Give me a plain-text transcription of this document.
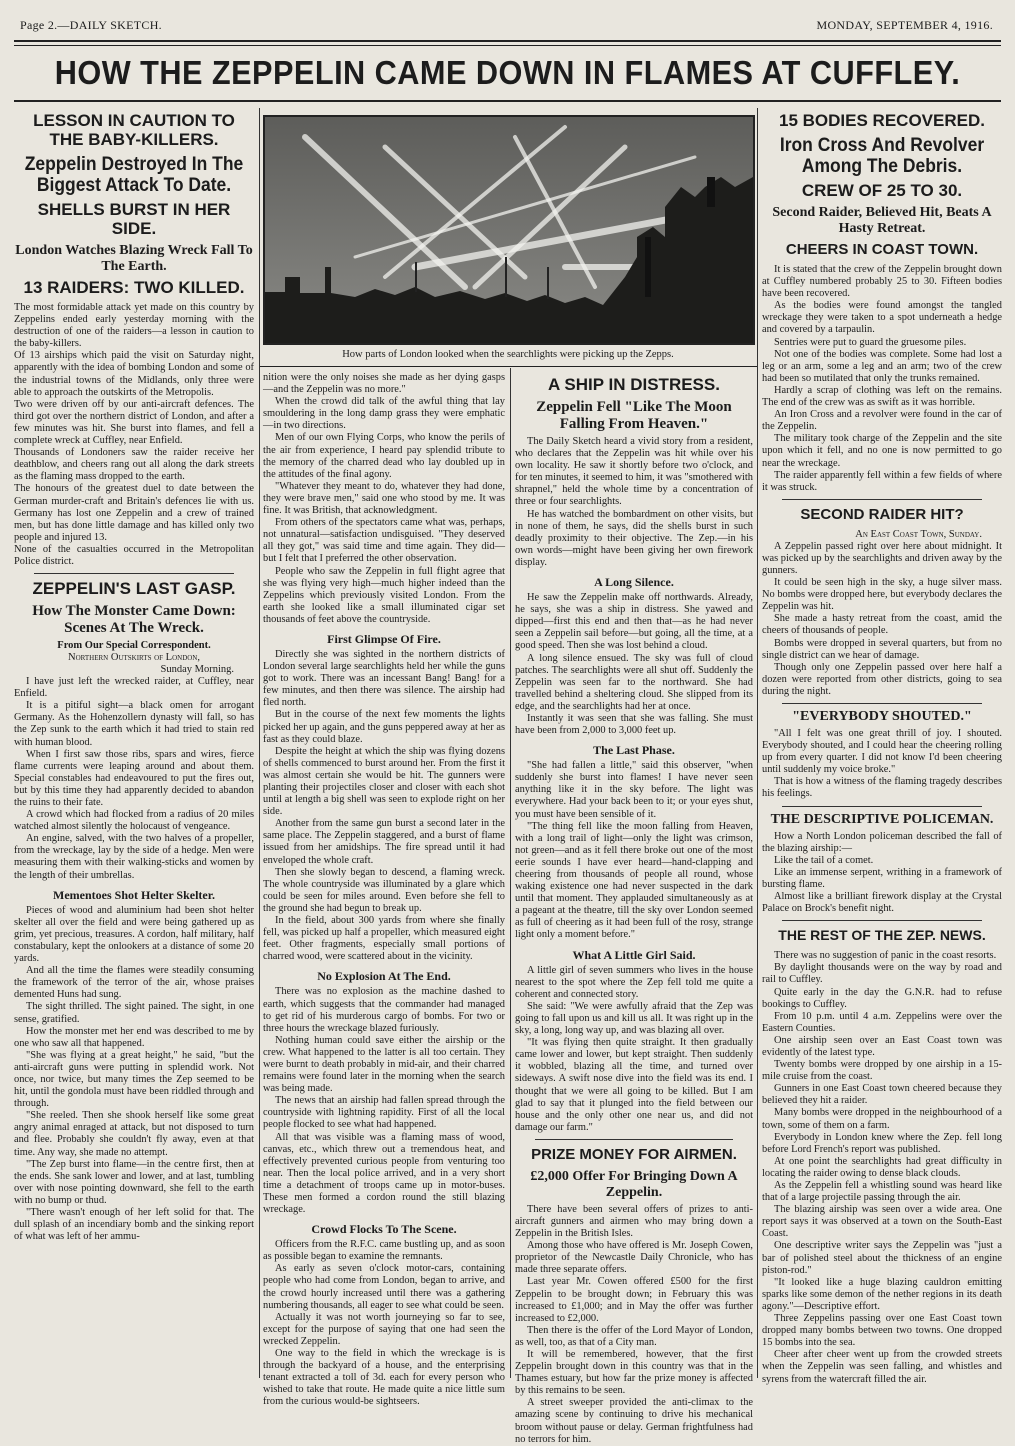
Page 2.—DAILY SKETCH.	MONDAY, SEPTEMBER 4, 1916.
HOW THE ZEPPELIN CAME DOWN IN FLAMES AT CUFFLEY.
LESSON IN CAUTION TO THE BABY-KILLERS.
Zeppelin Destroyed In The Biggest Attack To Date.
SHELLS BURST IN HER SIDE.
London Watches Blazing Wreck Fall To The Earth.
13 RAIDERS: TWO KILLED.

The most formidable attack yet made on this country by Zeppelins ended early yesterday morning with the destruction of one of the raiders—a lesson in caution to the baby-killers.

Of 13 airships which paid the visit on Saturday night, apparently with the idea of bombing London and some of the industrial towns of the Midlands, only three were able to approach the outskirts of the Metropolis.

Two were driven off by our anti-aircraft defences. The third got over the northern district of London, and after a few minutes was hit. She burst into flames, and fell a complete wreck at Cuffley, near Enfield.

Thousands of Londoners saw the raider receive her deathblow, and cheers rang out all along the dark streets as the flaming mass dropped to the earth.

The honours of the greatest duel to date between the German murder-craft and Britain's defences lie with us. Germany has lost one Zeppelin and a crew of trained men, but has done little damage and has killed only two people and injured 13.

None of the casualties occurred in the Metropolitan Police district.

ZEPPELIN'S LAST GASP.
How The Monster Came Down: Scenes At The Wreck.
From Our Special Correspondent.
Northern Outskirts of London,
Sunday Morning.

I have just left the wrecked raider, at Cuffley, near Enfield.

It is a pitiful sight—a black omen for arrogant Germany. As the Hohenzollern dynasty will fall, so has the Zep sunk to the earth which it had tried to stain red with human blood.

When I first saw those ribs, spars and wires, fierce flame currents were leaping around and about them. Special constables had endeavoured to put the fires out, but by this time they had apparently decided to abandon the ruins to their fate.

A crowd which had flocked from a radius of 20 miles watched almost silently the holocaust of vengeance.

An engine, salved, with the two halves of a propeller, from the wreckage, lay by the side of a hedge. Men were measuring them with their walking-sticks and women by the length of their umbrellas.

Mementoes Shot Helter Skelter.

Pieces of wood and aluminium had been shot helter skelter all over the field and were being gathered up as grim, yet precious, treasures. A cordon, half military, half constabulary, kept the onlookers at a distance of some 20 yards.

And all the time the flames were steadily consuming the framework of the terror of the air, whose praises demented Huns had sung.

The sight thrilled. The sight pained. The sight, in one sense, gratified.

How the monster met her end was described to me by one who saw all that happened.

"She was flying at a great height," he said, "but the anti-aircraft guns were putting in splendid work. Not once, nor twice, but many times the Zep seemed to be hit, until the gondola must have been riddled through and through.

"She reeled. Then she shook herself like some great angry animal enraged at attack, but not disposed to turn and flee. Probably she couldn't fly away, even at that time. Any way, she made no attempt.

"The Zep burst into flame—in the centre first, then at the ends. She sank lower and lower, and at last, tumbling over with nose pointing downward, she fell to the earth with no bump or thud.

"There wasn't enough of her left solid for that. The dull splash of an incendiary bomb and the sinking report of what was left of her ammu-

How parts of London looked when the searchlights were picking up the Zepps.

nition were the only noises she made as her dying gasps—and the Zeppelin was no more."

When the crowd did talk of the awful thing that lay smouldering in the long damp grass they were emphatic—in two directions.

Men of our own Flying Corps, who know the perils of the air from experience, I heard pay splendid tribute to the memory of the charred dead who lay doubled up in the attitudes of the final agony.

"Whatever they meant to do, whatever they had done, they were brave men," said one who stood by me. It was fine. It was British, that acknowledgment.

From others of the spectators came what was, perhaps, not unnatural—satisfaction undisguised. "They deserved all they got," was said time and time again. They did—but I felt that I preferred the other observation.

People who saw the Zeppelin in full flight agree that she was flying very high—much higher indeed than the Zeppelins which previously visited London. From the earth she looked like a small illuminated cigar set thousands of feet above the countryside.

First Glimpse Of Fire.

Directly she was sighted in the northern districts of London several large searchlights held her while the guns got to work. There was an incessant Bang! Bang! for a few minutes, and then there was silence. The airship had fled north.

But in the course of the next few moments the lights picked her up again, and the guns peppered away at her as fast as they could blaze.

Despite the height at which the ship was flying dozens of shells commenced to burst around her. From the first it was almost certain she would be hit. The gunners were planting their projectiles closer and closer with each shot until at length a big shell was seen to explode right on her side.

Another from the same gun burst a second later in the same place. The Zeppelin staggered, and a burst of flame issued from her amidships. The fire spread until it had enveloped the whole craft.

Then she slowly began to descend, a flaming wreck. The whole countryside was illuminated by a glare which could be seen for miles around. Even before she fell to the ground she had begun to break up.

In the field, about 300 yards from where she finally fell, was picked up half a propeller, which measured eight feet. Other fragments, especially small portions of charred wood, were scattered about in the vicinity.

No Explosion At The End.

There was no explosion as the machine dashed to earth, which suggests that the commander had managed to get rid of his murderous cargo of bombs. For two or three hours the wreckage blazed furiously.

Nothing human could save either the airship or the crew. What happened to the latter is all too certain. They were burnt to death probably in mid-air, and their charred remains were found later in the morning when the search was being made.

The news that an airship had fallen spread through the countryside with lightning rapidity. First of all the local people flocked to see what had happened.

All that was visible was a flaming mass of wood, canvas, etc., which threw out a tremendous heat, and effectively prevented curious people from venturing too near. Then the local police arrived, and in a very short time a detachment of troops came up in motor-buses. These men formed a cordon round the still blazing wreckage.

Crowd Flocks To The Scene.

Officers from the R.F.C. came bustling up, and as soon as possible began to examine the remnants.

As early as seven o'clock motor-cars, containing people who had come from London, began to arrive, and the crowd hourly increased until there was a gathering numbering thousands, all eager to see what could be seen.

Actually it was not worth journeying so far to see, except for the purpose of saying that one had seen the wrecked Zeppelin.

One way to the field in which the wreckage is is through the backyard of a house, and the enterprising tenant extracted a toll of 3d. each for every person who wished to take that route. He made quite a nice little sum from the curious would-be sightseers.

A SHIP IN DISTRESS.
Zeppelin Fell "Like The Moon Falling From Heaven."

The Daily Sketch heard a vivid story from a resident, who declares that the Zeppelin was hit while over his own locality. He saw it shortly before two o'clock, and for ten minutes, it seemed to him, it was "smothered with shrapnel," held the whole time by a concentration of three or four searchlights.

He has watched the bombardment on other visits, but in none of them, he says, did the shells burst in such deadly proximity to their objective. The Zep.—in his own words—might have been giving her own firework display.

A Long Silence.

He saw the Zeppelin make off northwards. Already, he says, she was a ship in distress. She yawed and dipped—first this end and then that—as he had never seen a Zeppelin sail before—but going, all the time, at a good speed. Then she was lost behind a cloud.

A long silence ensued. The sky was full of cloud patches. The searchlights were all shut off. Suddenly the Zeppelin was seen far to the northward. She had travelled behind a sheltering cloud. She slipped from its edge, and the searchlights had her at once.

Instantly it was seen that she was falling. She must have been from 2,000 to 3,000 feet up.

The Last Phase.

"She had fallen a little," said this observer, "when suddenly she burst into flames! I have never seen anything like it in the sky before. The light was everywhere. Had your back been to it; or your eyes shut, you must have been sensible of it.

"The thing fell like the moon falling from Heaven, with a long trail of light—only the light was crimson, not green—and as it fell there broke out one of the most eerie sounds I have ever heard—hand-clapping and cheering from thousands of people all round, whose waking existence one had never suspected in the dark until that moment. They applauded simultaneously as at a pageant at the theatre, till the sky over London seemed as full of cheering as it had been full of the rosy, strange light only a moment before."

What A Little Girl Said.

A little girl of seven summers who lives in the house nearest to the spot where the Zep fell told me quite a coherent and connected story.

She said: "We were awfully afraid that the Zep was going to fall upon us and kill us all. It was right up in the sky, a long, long way up, and was blazing all over.

"It was flying then quite straight. It then gradually came lower and lower, but kept straight. Then suddenly it wobbled, blazing all the time, and turned over sideways. A swift nose dive into the field was its end. I thought that we were all going to be killed. But I am glad to say that it plunged into the field between our house and the only other one near us, and did not damage our farm."

PRIZE MONEY FOR AIRMEN.
£2,000 Offer For Bringing Down A Zeppelin.

There have been several offers of prizes to anti-aircraft gunners and airmen who may bring down a Zeppelin in the British Isles.

Among those who have offered is Mr. Joseph Cowen, proprietor of the Newcastle Daily Chronicle, who has made three separate offers.

Last year Mr. Cowen offered £500 for the first Zeppelin to be brought down; in February this was increased to £1,000; and in May the offer was further increased to £2,000.

Then there is the offer of the Lord Mayor of London, as well, too, as that of a City man.

It will be remembered, however, that the first Zeppelin brought down in this country was that in the Thames estuary, but how far the prize money is affected by this remains to be seen.

A street sweeper provided the anti-climax to the amazing scene by continuing to drive his mechanical broom without pause or delay. German frightfulness had no terrors for him.

15 BODIES RECOVERED.
Iron Cross And Revolver Among The Debris.
CREW OF 25 TO 30.
Second Raider, Believed Hit, Beats A Hasty Retreat.
CHEERS IN COAST TOWN.

It is stated that the crew of the Zeppelin brought down at Cuffley numbered probably 25 to 30. Fifteen bodies have been recovered.

As the bodies were found amongst the tangled wreckage they were taken to a spot underneath a hedge and covered by a tarpaulin.

Sentries were put to guard the gruesome piles.

Not one of the bodies was complete. Some had lost a leg or an arm, some a leg and an arm; two of the crew had been so mutilated that only the trunks remained.

Hardly a scrap of clothing was left on the remains. The end of the crew was as swift as it was horrible.

An Iron Cross and a revolver were found in the car of the Zeppelin.

The military took charge of the Zeppelin and the site upon which it fell, and no one is now permitted to go near the wreckage.

The raider apparently fell within a few fields of where it was struck.

SECOND RAIDER HIT?
An East Coast Town, Sunday.

A Zeppelin passed right over here about midnight. It was picked up by the searchlights and driven away by the gunners.

It could be seen high in the sky, a huge silver mass. No bombs were dropped here, but everybody declares the Zeppelin was hit.

She made a hasty retreat from the coast, amid the cheers of thousands of people.

Bombs were dropped in several quarters, but from no single district can we hear of damage.

Though only one Zeppelin passed over here half a dozen were reported from other districts, going to sea during the night.

"EVERYBODY SHOUTED."

"All I felt was one great thrill of joy. I shouted. Everybody shouted, and I could hear the cheering rolling up from every quarter. I did not know I'd been cheering until suddenly my voice broke."

That is how a witness of the flaming tragedy describes his feelings.

THE DESCRIPTIVE POLICEMAN.

How a North London policeman described the fall of the blazing airship:—

Like the tail of a comet.

Like an immense serpent, writhing in a framework of bursting flame.

Almost like a brilliant firework display at the Crystal Palace on Brock's benefit night.

THE REST OF THE ZEP. NEWS.

There was no suggestion of panic in the coast resorts.

By daylight thousands were on the way by road and rail to Cuffley.

Quite early in the day the G.N.R. had to refuse bookings to Cuffley.

From 10 p.m. until 4 a.m. Zeppelins were over the Eastern Counties.

One airship seen over an East Coast town was evidently of the latest type.

Twenty bombs were dropped by one airship in a 15-mile cruise from the coast.

Gunners in one East Coast town cheered because they believed they hit a raider.

Many bombs were dropped in the neighbourhood of a town, some of them on a farm.

Everybody in London knew where the Zep. fell long before Lord French's report was published.

At one point the searchlights had great difficulty in locating the raider owing to dense black clouds.

As the Zeppelin fell a whistling sound was heard like that of a large projectile passing through the air.

The blazing airship was seen over a wide area. One report says it was observed at a town on the South-East Coast.

One descriptive writer says the Zeppelin was "just a bar of polished steel about the thickness of an engine piston-rod."

"It looked like a huge blazing cauldron emitting sparks like some demon of the nether regions in its death agony."—Descriptive effort.

Three Zeppelins passing over one East Coast town dropped many bombs between two towns. One dropped 15 bombs into the sea.

Cheer after cheer went up from the crowded streets when the Zeppelin was seen falling, and whistles and syrens from the watercraft filled the air.
